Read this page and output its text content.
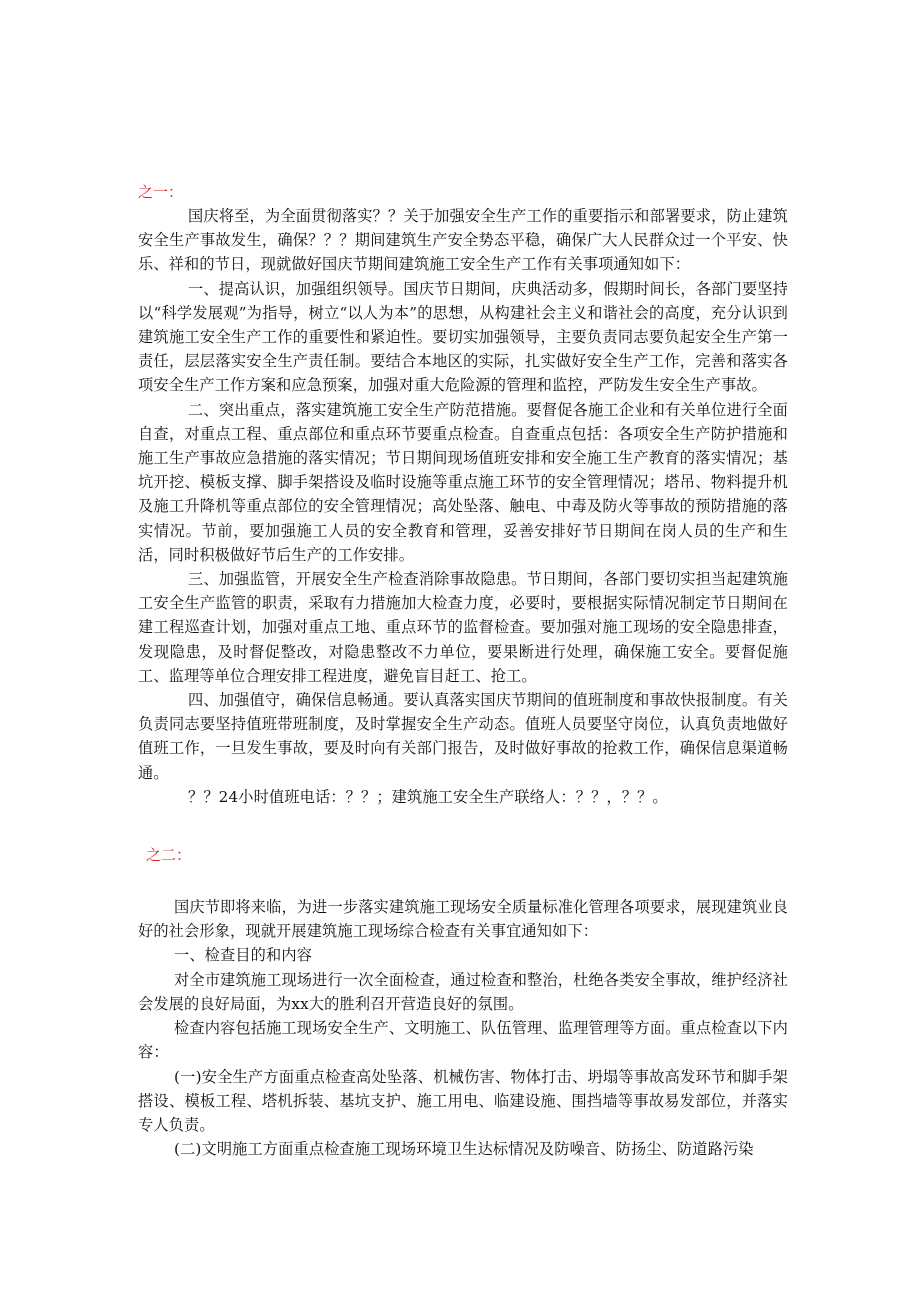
之一：

国庆将至，为全面贯彻落实？？关于加强安全生产工作的重要指示和部署要求，防止建筑安全生产事故发生，确保？？？期间建筑生产安全势态平稳，确保广大人民群众过一个平安、快乐、祥和的节日，现就做好国庆节期间建筑施工安全生产工作有关事项通知如下：

一、提高认识，加强组织领导。国庆节日期间，庆典活动多，假期时间长，各部门要坚持以“科学发展观”为指导，树立“以人为本”的思想，从构建社会主义和谐社会的高度，充分认识到建筑施工安全生产工作的重要性和紧迫性。要切实加强领导，主要负责同志要负起安全生产第一责任，层层落实安全生产责任制。要结合本地区的实际，扎实做好安全生产工作，完善和落实各项安全生产工作方案和应急预案，加强对重大危险源的管理和监控，严防发生安全生产事故。

二、突出重点，落实建筑施工安全生产防范措施。要督促各施工企业和有关单位进行全面自查，对重点工程、重点部位和重点环节要重点检查。自查重点包括：各项安全生产防护措施和施工生产事故应急措施的落实情况；节日期间现场值班安排和安全施工生产教育的落实情况；基坑开挖、模板支撑、脚手架搭设及临时设施等重点施工环节的安全管理情况；塔吊、物料提升机及施工升降机等重点部位的安全管理情况；高处坠落、触电、中毒及防火等事故的预防措施的落实情况。节前，要加强施工人员的安全教育和管理，妥善安排好节日期间在岗人员的生产和生活，同时积极做好节后生产的工作安排。

三、加强监管，开展安全生产检查消除事故隐患。节日期间，各部门要切实担当起建筑施工安全生产监管的职责，采取有力措施加大检查力度，必要时，要根据实际情况制定节日期间在建工程巡查计划，加强对重点工地、重点环节的监督检查。要加强对施工现场的安全隐患排查，发现隐患，及时督促整改，对隐患整改不力单位，要果断进行处理，确保施工安全。要督促施工、监理等单位合理安排工程进度，避免盲目赶工、抢工。

四、加强值守，确保信息畅通。要认真落实国庆节期间的值班制度和事故快报制度。有关负责同志要坚持值班带班制度，及时掌握安全生产动态。值班人员要坚守岗位，认真负责地做好值班工作，一旦发生事故，要及时向有关部门报告，及时做好事故的抢救工作，确保信息渠道畅通。

？？24小时值班电话：？？；建筑施工安全生产联络人：？？，？？。

之二：

国庆节即将来临，为进一步落实建筑施工现场安全质量标准化管理各项要求，展现建筑业良好的社会形象，现就开展建筑施工现场综合检查有关事宜通知如下：

一、检查目的和内容

对全市建筑施工现场进行一次全面检查，通过检查和整治，杜绝各类安全事故，维护经济社会发展的良好局面，为xx大的胜利召开营造良好的氛围。

检查内容包括施工现场安全生产、文明施工、队伍管理、监理管理等方面。重点检查以下内容：

(一)安全生产方面重点检查高处坠落、机械伤害、物体打击、坍塌等事故高发环节和脚手架搭设、模板工程、塔机拆装、基坑支护、施工用电、临建设施、围挡墙等事故易发部位，并落实专人负责。

(二)文明施工方面重点检查施工现场环境卫生达标情况及防噪音、防扬尘、防道路污染
